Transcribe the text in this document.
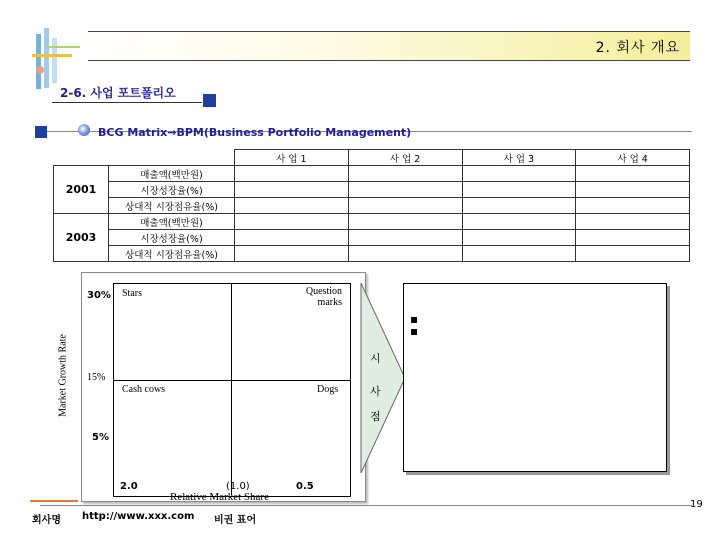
2. 회사 개요
2-6. 사업 포트폴리오
BCG Matrix→BPM(Business Portfolio Management)
		사 업 1	사 업 2	사 업 3	사 업 4
2001	매출액(백만원)				
	시장성장율(%)				
	상대적 시장점유율(%)				
2003	매출액(백만원)				
	시장성장율(%)				
	상대적 시장점유율(%)				
Stars	Question marks
Cash cows	Dogs
Market Growth Rate
30%
15%
5%
2.0	(1.0)	0.5
Relative Market Share
시
사
점
▪
▪
회사명 http://www.xxx.com 비권 표어
19
